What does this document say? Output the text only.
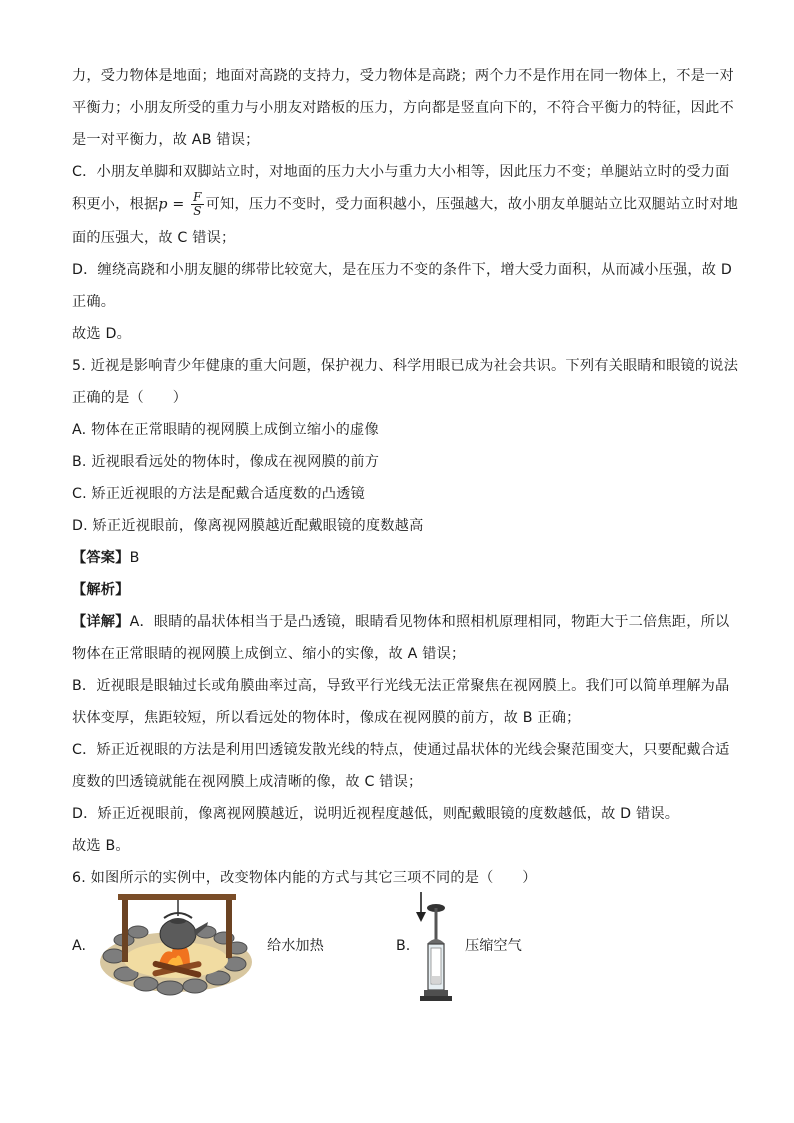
力，受力物体是地面；地面对高跷的支持力，受力物体是高跷；两个力不是作用在同一物体上，不是一对
平衡力；小朋友所受的重力与小朋友对踏板的压力，方向都是竖直向下的，不符合平衡力的特征，因此不
是一对平衡力，故 AB 错误；
C．小朋友单脚和双脚站立时，对地面的压力大小与重力大小相等，因此压力不变；单腿站立时的受力面
积更小，根据$p = \frac{F}{S}$ 可知，压力不变时，受力面积越小，压强越大，故小朋友单腿站立比双腿站立时对地
面的压强大，故 C 错误；
D．缠绕高跷和小朋友腿的绑带比较宽大，是在压力不变的条件下，增大受力面积，从而减小压强，故 D
正确。
故选 D。
5. 近视是影响青少年健康的重大问题，保护视力、科学用眼已成为社会共识。下列有关眼睛和眼镜的说法
正确的是（　　）
A. 物体在正常眼睛的视网膜上成倒立缩小的虚像
B. 近视眼看远处的物体时，像成在视网膜的前方
C. 矫正近视眼的方法是配戴合适度数的凸透镜
D. 矫正近视眼前，像离视网膜越近配戴眼镜的度数越高
【答案】B
【解析】
【详解】A．眼睛的晶状体相当于是凸透镜，眼睛看见物体和照相机原理相同，物距大于二倍焦距，所以
物体在正常眼睛的视网膜上成倒立、缩小的实像，故 A 错误；
B．近视眼是眼轴过长或角膜曲率过高，导致平行光线无法正常聚焦在视网膜上。我们可以简单理解为晶
状体变厚，焦距较短，所以看远处的物体时，像成在视网膜的前方，故 B 正确；
C．矫正近视眼的方法是利用凹透镜发散光线的特点，使通过晶状体的光线会聚范围变大，只要配戴合适
度数的凹透镜就能在视网膜上成清晰的像，故 C 错误；
D．矫正近视眼前，像离视网膜越近，说明近视程度越低，则配戴眼镜的度数越低，故 D 错误。
故选 B。
6. 如图所示的实例中，改变物体内能的方式与其它三项不同的是（　　）
A.	给水加热	B.	压缩空气
